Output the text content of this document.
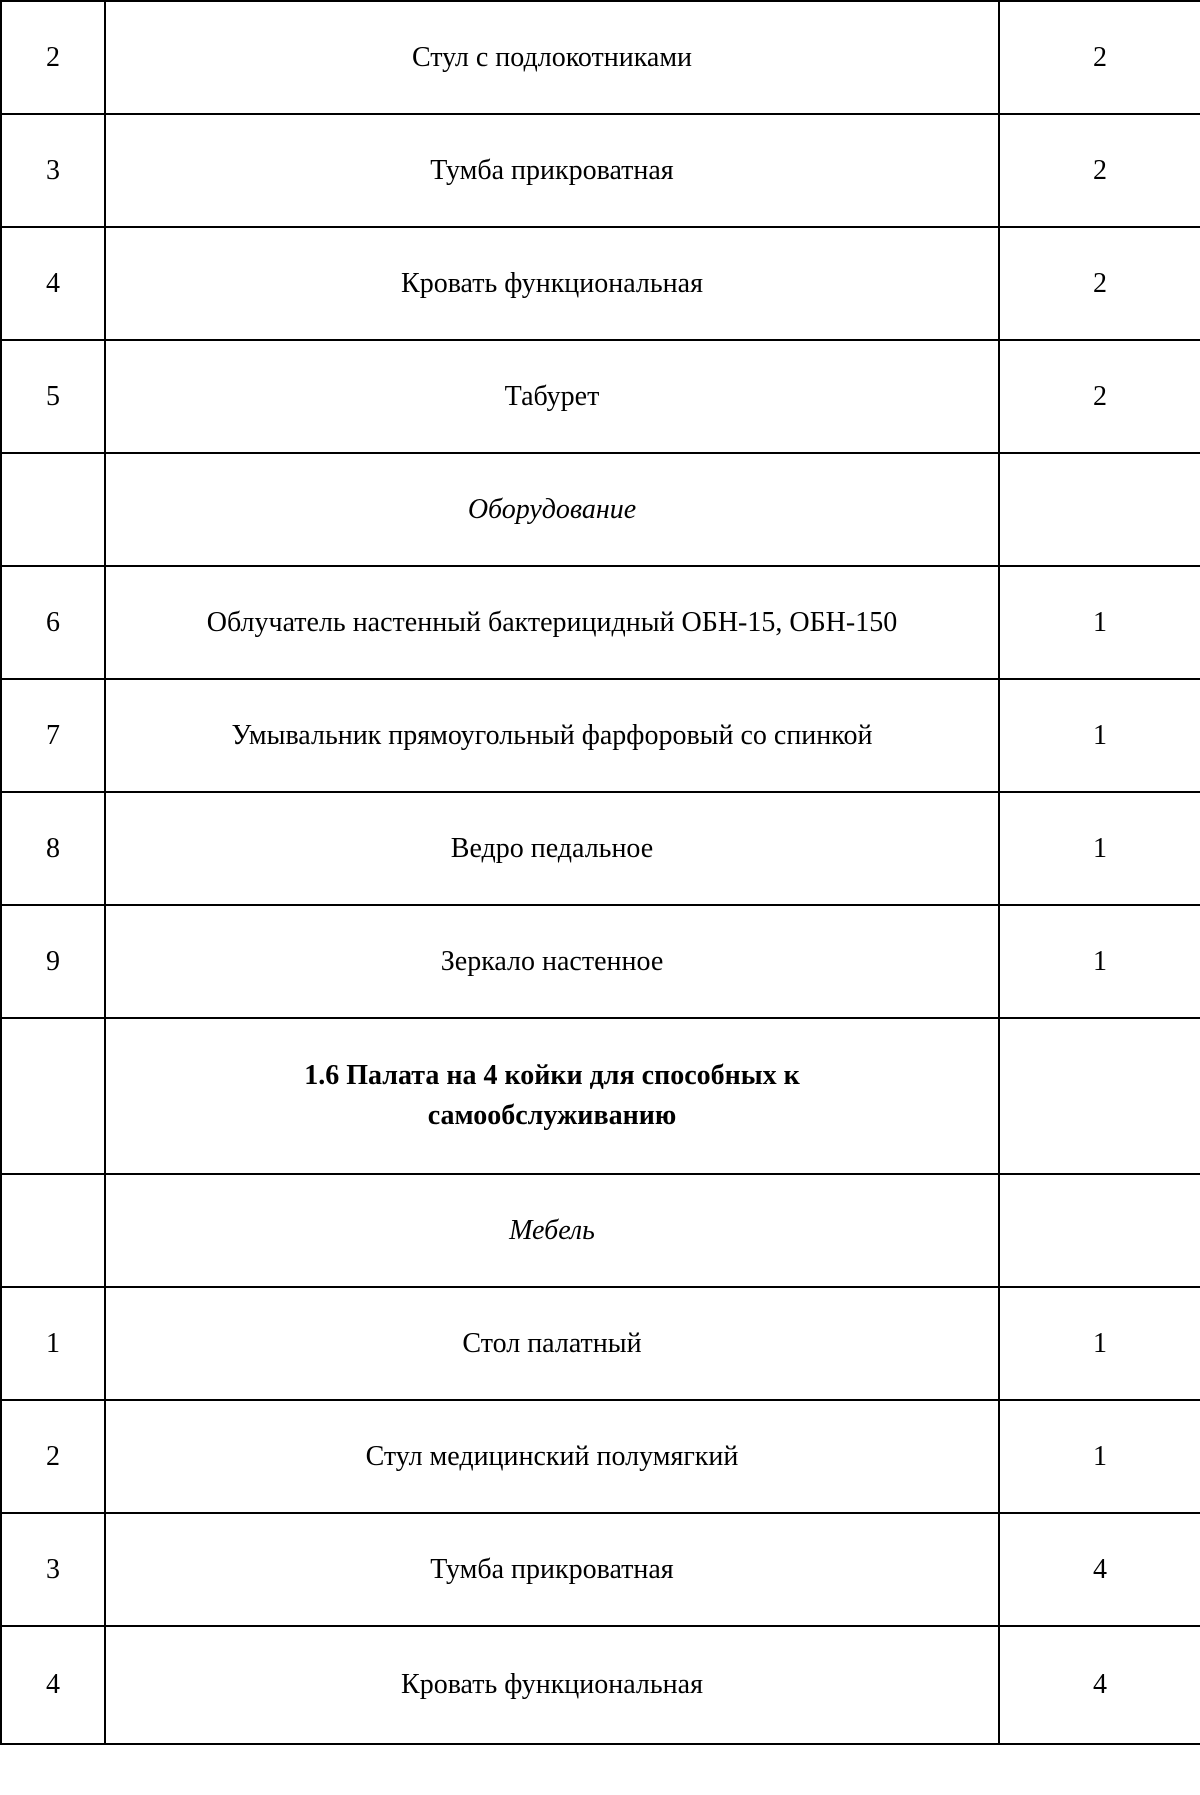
2	Стул с подлокотниками	2
3	Тумба прикроватная	2
4	Кровать функциональная	2
5	Табурет	2
	Оборудование	
6	Облучатель настенный бактерицидный ОБН-15, ОБН-150	1
7	Умывальник прямоугольный фарфоровый со спинкой	1
8	Ведро педальное	1
9	Зеркало настенное	1
	1.6 Палата на 4 койки для способных к самообслуживанию	
	Мебель	
1	Стол палатный	1
2	Стул медицинский полумягкий	1
3	Тумба прикроватная	4
4	Кровать функциональная	4
